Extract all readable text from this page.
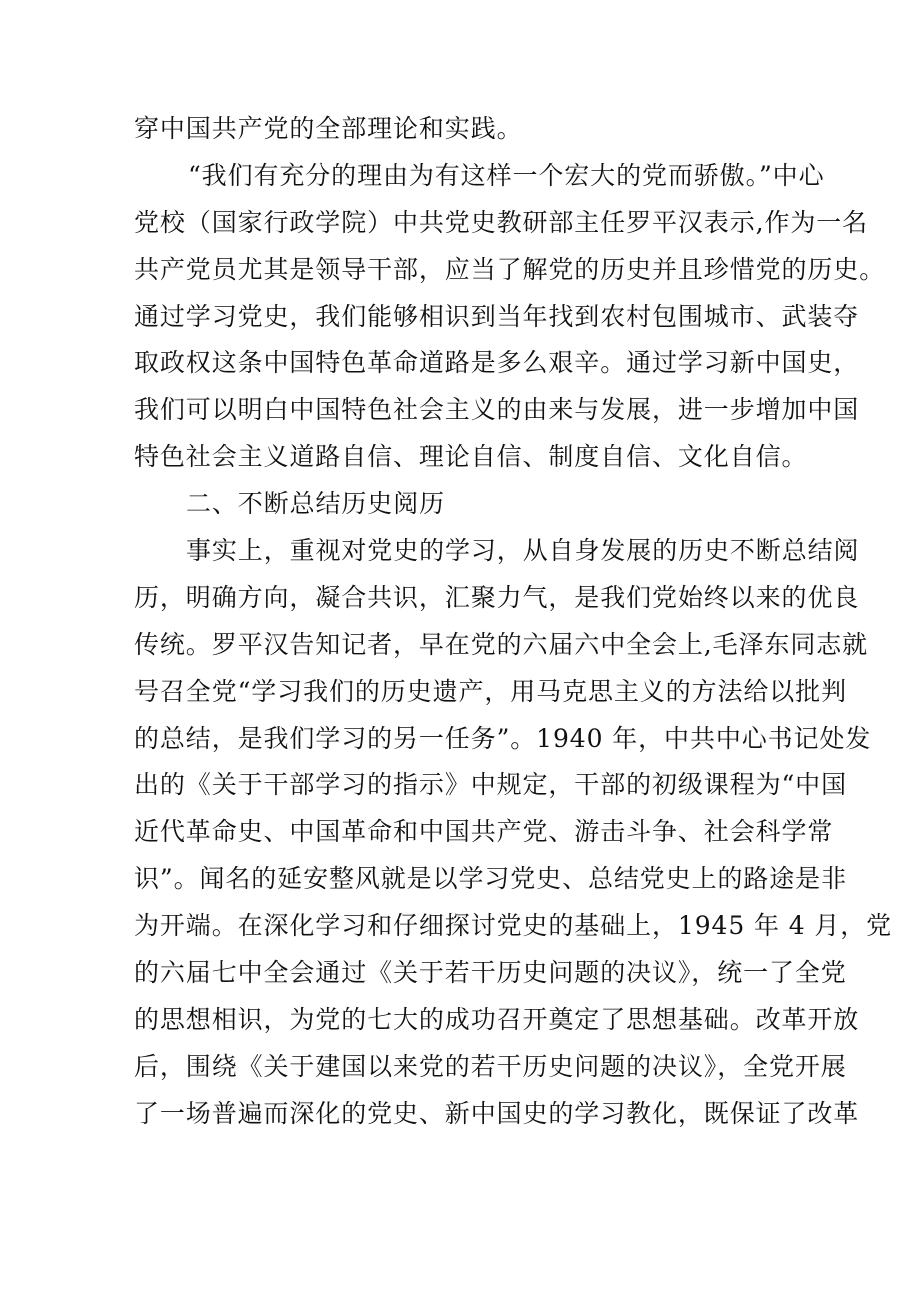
穿中国共产党的全部理论和实践。
“我们有充分的理由为有这样一个宏大的党而骄傲。”中心
党校（国家行政学院）中共党史教研部主任罗平汉表示,作为一名
共产党员尤其是领导干部，应当了解党的历史并且珍惜党的历史。
通过学习党史，我们能够相识到当年找到农村包围城市、武装夺
取政权这条中国特色革命道路是多么艰辛。通过学习新中国史，
我们可以明白中国特色社会主义的由来与发展，进一步增加中国
特色社会主义道路自信、理论自信、制度自信、文化自信。
二、不断总结历史阅历
事实上，重视对党史的学习，从自身发展的历史不断总结阅
历，明确方向，凝合共识，汇聚力气，是我们党始终以来的优良
传统。罗平汉告知记者，早在党的六届六中全会上,毛泽东同志就
号召全党“学习我们的历史遗产，用马克思主义的方法给以批判
的总结，是我们学习的另一任务”。1940 年，中共中心书记处发
出的《关于干部学习的指示》中规定，干部的初级课程为“中国
近代革命史、中国革命和中国共产党、游击斗争、社会科学常
识”。闻名的延安整风就是以学习党史、总结党史上的路途是非
为开端。在深化学习和仔细探讨党史的基础上，1945 年 4 月，党
的六届七中全会通过《关于若干历史问题的决议》，统一了全党
的思想相识，为党的七大的成功召开奠定了思想基础。改革开放
后，围绕《关于建国以来党的若干历史问题的决议》，全党开展
了一场普遍而深化的党史、新中国史的学习教化，既保证了改革
